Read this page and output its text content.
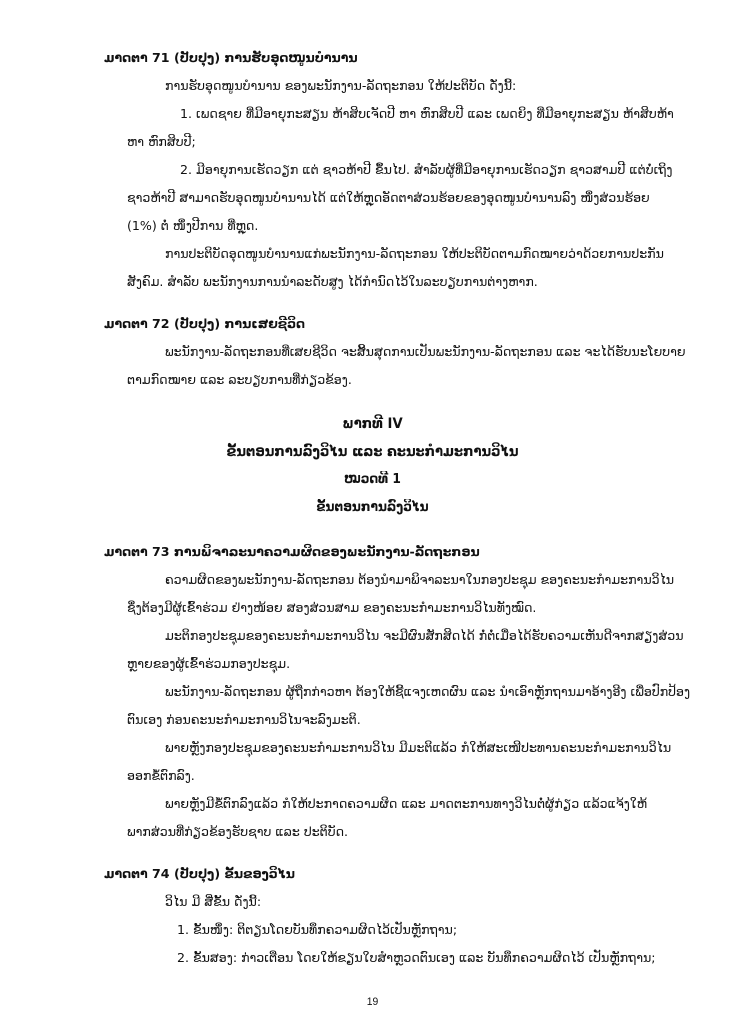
ມາດຕາ 71 (ປັບປຸງ) ການຮັບອຸດໜູນບຳນານ
ການຮັບອຸດໜູນບຳນານ ຂອງພະນັກງານ-ລັດຖະກອນ ໃຫ້ປະຕິບັດ ດັ່ງນີ້:
1. ເພດຊາຍ ທີ່ມີອາຍຸກະສຽນ ຫ້າສິບເຈັດປີ ຫາ ຫົກສິບປີ ແລະ ເພດຍິງ ທີ່ມີອາຍຸກະສຽນ ຫ້າສິບຫ້າ
ຫາ ຫົກສິບປີ;
2. ມີອາຍຸການເຮັດວຽກ ແຕ່ ຊາວຫ້າປີ ຂຶ້ນໄປ. ສຳລັບຜູ້ທີ່ມີອາຍຸການເຮັດວຽກ ຊາວສາມປີ ແຕ່ບໍ່ເຖິງ
ຊາວຫ້າປີ ສາມາດຮັບອຸດໜູນບຳນານໄດ້ ແຕ່ໃຫ້ຫຼຸດອັດຕາສ່ວນຮ້ອຍຂອງອຸດໜູນບຳນານລົງ ໜຶ່ງສ່ວນຮ້ອຍ
(1%) ຕໍ່ ໜຶ່ງປີການ ທີ່ຫຼຸດ.
ການປະຕິບັດອຸດໜູນບຳນານແກ່ພະນັກງານ-ລັດຖະກອນ ໃຫ້ປະຕິບັດຕາມກົດໝາຍວ່າດ້ວຍການປະກັນ
ສັງຄົມ. ສຳລັບ ພະນັກງານການນຳລະດັບສູງ ໄດ້ກຳນົດໄວ້ໃນລະບຽບການຕ່າງຫາກ.
ມາດຕາ 72 (ປັບປຸງ) ການເສຍຊີວິດ
ພະນັກງານ-ລັດຖະກອນທີ່ເສຍຊີວິດ ຈະສິ້ນສຸດການເປັນພະນັກງານ-ລັດຖະກອນ ແລະ ຈະໄດ້ຮັບນະໂຍບາຍ
ຕາມກົດໝາຍ ແລະ ລະບຽບການທີ່ກ່ຽວຂ້ອງ.
ພາກທີ IV
ຂັ້ນຕອນການລົງວິໄນ ແລະ ຄະນະກຳມະການວິໄນ
ໝວດທີ 1
ຂັ້ນຕອນການລົງວິໄນ
ມາດຕາ 73 ການພິຈາລະນາຄວາມຜິດຂອງພະນັກງານ-ລັດຖະກອນ
ຄວາມຜິດຂອງພະນັກງານ-ລັດຖະກອນ ຕ້ອງນຳມາພິຈາລະນາໃນກອງປະຊຸມ ຂອງຄະນະກຳມະການວິໄນ
ຊຶ່ງຕ້ອງມີຜູ້ເຂົ້າຮ່ວມ ຢ່າງໜ້ອຍ ສອງສ່ວນສາມ ຂອງຄະນະກຳມະການວິໄນທັງໝົດ.
ມະຕິກອງປະຊຸມຂອງຄະນະກຳມະການວິໄນ ຈະມີຜົນສັກສິດໄດ້ ກໍ່ຕໍ່ເມື່ອໄດ້ຮັບຄວາມເຫັນດີຈາກສຽງສ່ວນ
ຫຼາຍຂອງຜູ້ເຂົ້າຮ່ວມກອງປະຊຸມ.
ພະນັກງານ-ລັດຖະກອນ ຜູ້ຖືກກ່າວຫາ ຕ້ອງໃຫ້ຊີ້ແຈງເຫດຜົນ ແລະ ນຳເອົາຫຼັກຖານມາອ້າງອີງ ເພື່ອປົກປ້ອງ
ຕົນເອງ ກ່ອນຄະນະກຳມະການວິໄນຈະລົງມະຕິ.
ພາຍຫຼັງກອງປະຊຸມຂອງຄະນະກຳມະການວິໄນ ມີມະຕິແລ້ວ ກໍໃຫ້ສະເໜີປະທານຄະນະກຳມະການວິໄນ
ອອກຂໍ້ຕົກລົງ.
ພາຍຫຼັງມີຂໍ້ຕົກລົງແລ້ວ ກໍໃຫ້ປະກາດຄວາມຜິດ ແລະ ມາດຕະການທາງວິໄນຕໍ່ຜູ້ກ່ຽວ ແລ້ວແຈ້ງໃຫ້
ພາກສ່ວນທີ່ກ່ຽວຂ້ອງຮັບຊາບ ແລະ ປະຕິບັດ.
ມາດຕາ 74 (ປັບປຸງ) ຂັ້ນຂອງວິໄນ
ວິໄນ ມີ ສີ່ຂັ້ນ ດັ່ງນີ້:
1. ຂັ້ນໜຶ່ງ: ຕິຕຽນໂດຍບັນທຶກຄວາມຜິດໄວ້ເປັນຫຼັກຖານ;
2. ຂັ້ນສອງ: ກ່າວເຕືອນ ໂດຍໃຫ້ຂຽນໃບສຳຫຼວດຕົນເອງ ແລະ ບັນທຶກຄວາມຜິດໄວ້ ເປັນຫຼັກຖານ;
19
